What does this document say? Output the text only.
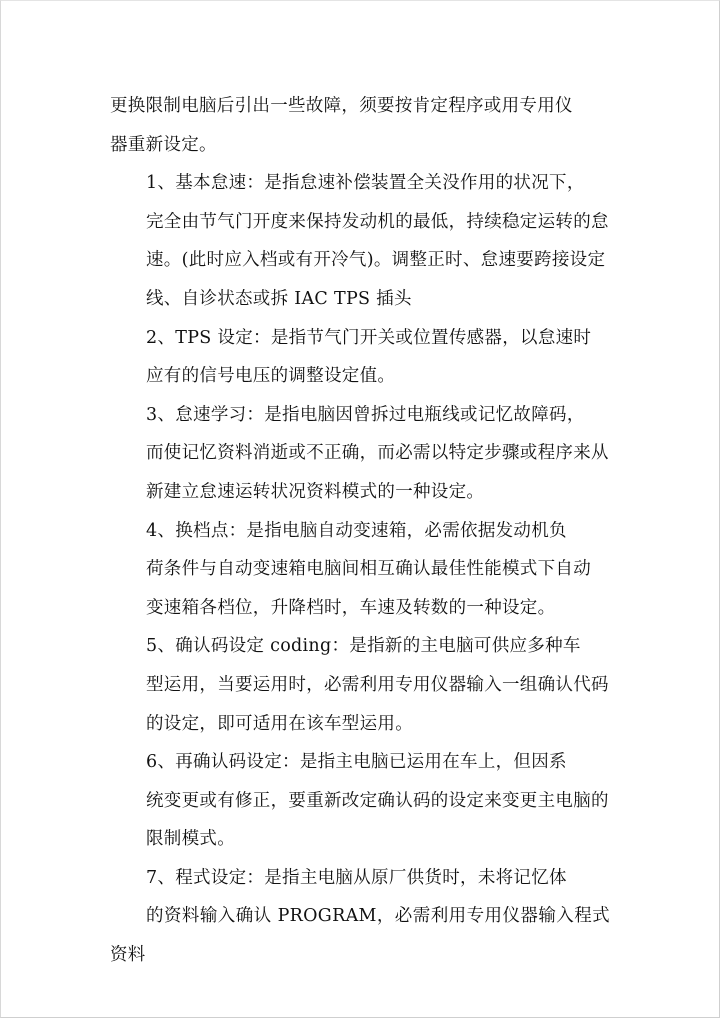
更换限制电脑后引出一些故障，须要按肯定程序或用专用仪
器重新设定。

1、基本怠速：是指怠速补偿装置全关没作用的状况下，
完全由节气门开度来保持发动机的最低，持续稳定运转的怠
速。(此时应入档或有开冷气)。调整正时、怠速要跨接设定
线、自诊状态或拆 IAC TPS 插头

2、TPS 设定：是指节气门开关或位置传感器，以怠速时
应有的信号电压的调整设定值。

3、怠速学习：是指电脑因曾拆过电瓶线或记忆故障码，
而使记忆资料消逝或不正确，而必需以特定步骤或程序来从
新建立怠速运转状况资料模式的一种设定。

4、换档点：是指电脑自动变速箱，必需依据发动机负
荷条件与自动变速箱电脑间相互确认最佳性能模式下自动
变速箱各档位，升降档时，车速及转数的一种设定。

5、确认码设定 coding：是指新的主电脑可供应多种车
型运用，当要运用时，必需利用专用仪器输入一组确认代码
的设定，即可适用在该车型运用。

6、再确认码设定：是指主电脑已运用在车上，但因系
统变更或有修正，要重新改定确认码的设定来变更主电脑的
限制模式。

7、程式设定：是指主电脑从原厂供货时，未将记忆体
的资料输入确认 PROGRAM，必需利用专用仪器输入程式资料
